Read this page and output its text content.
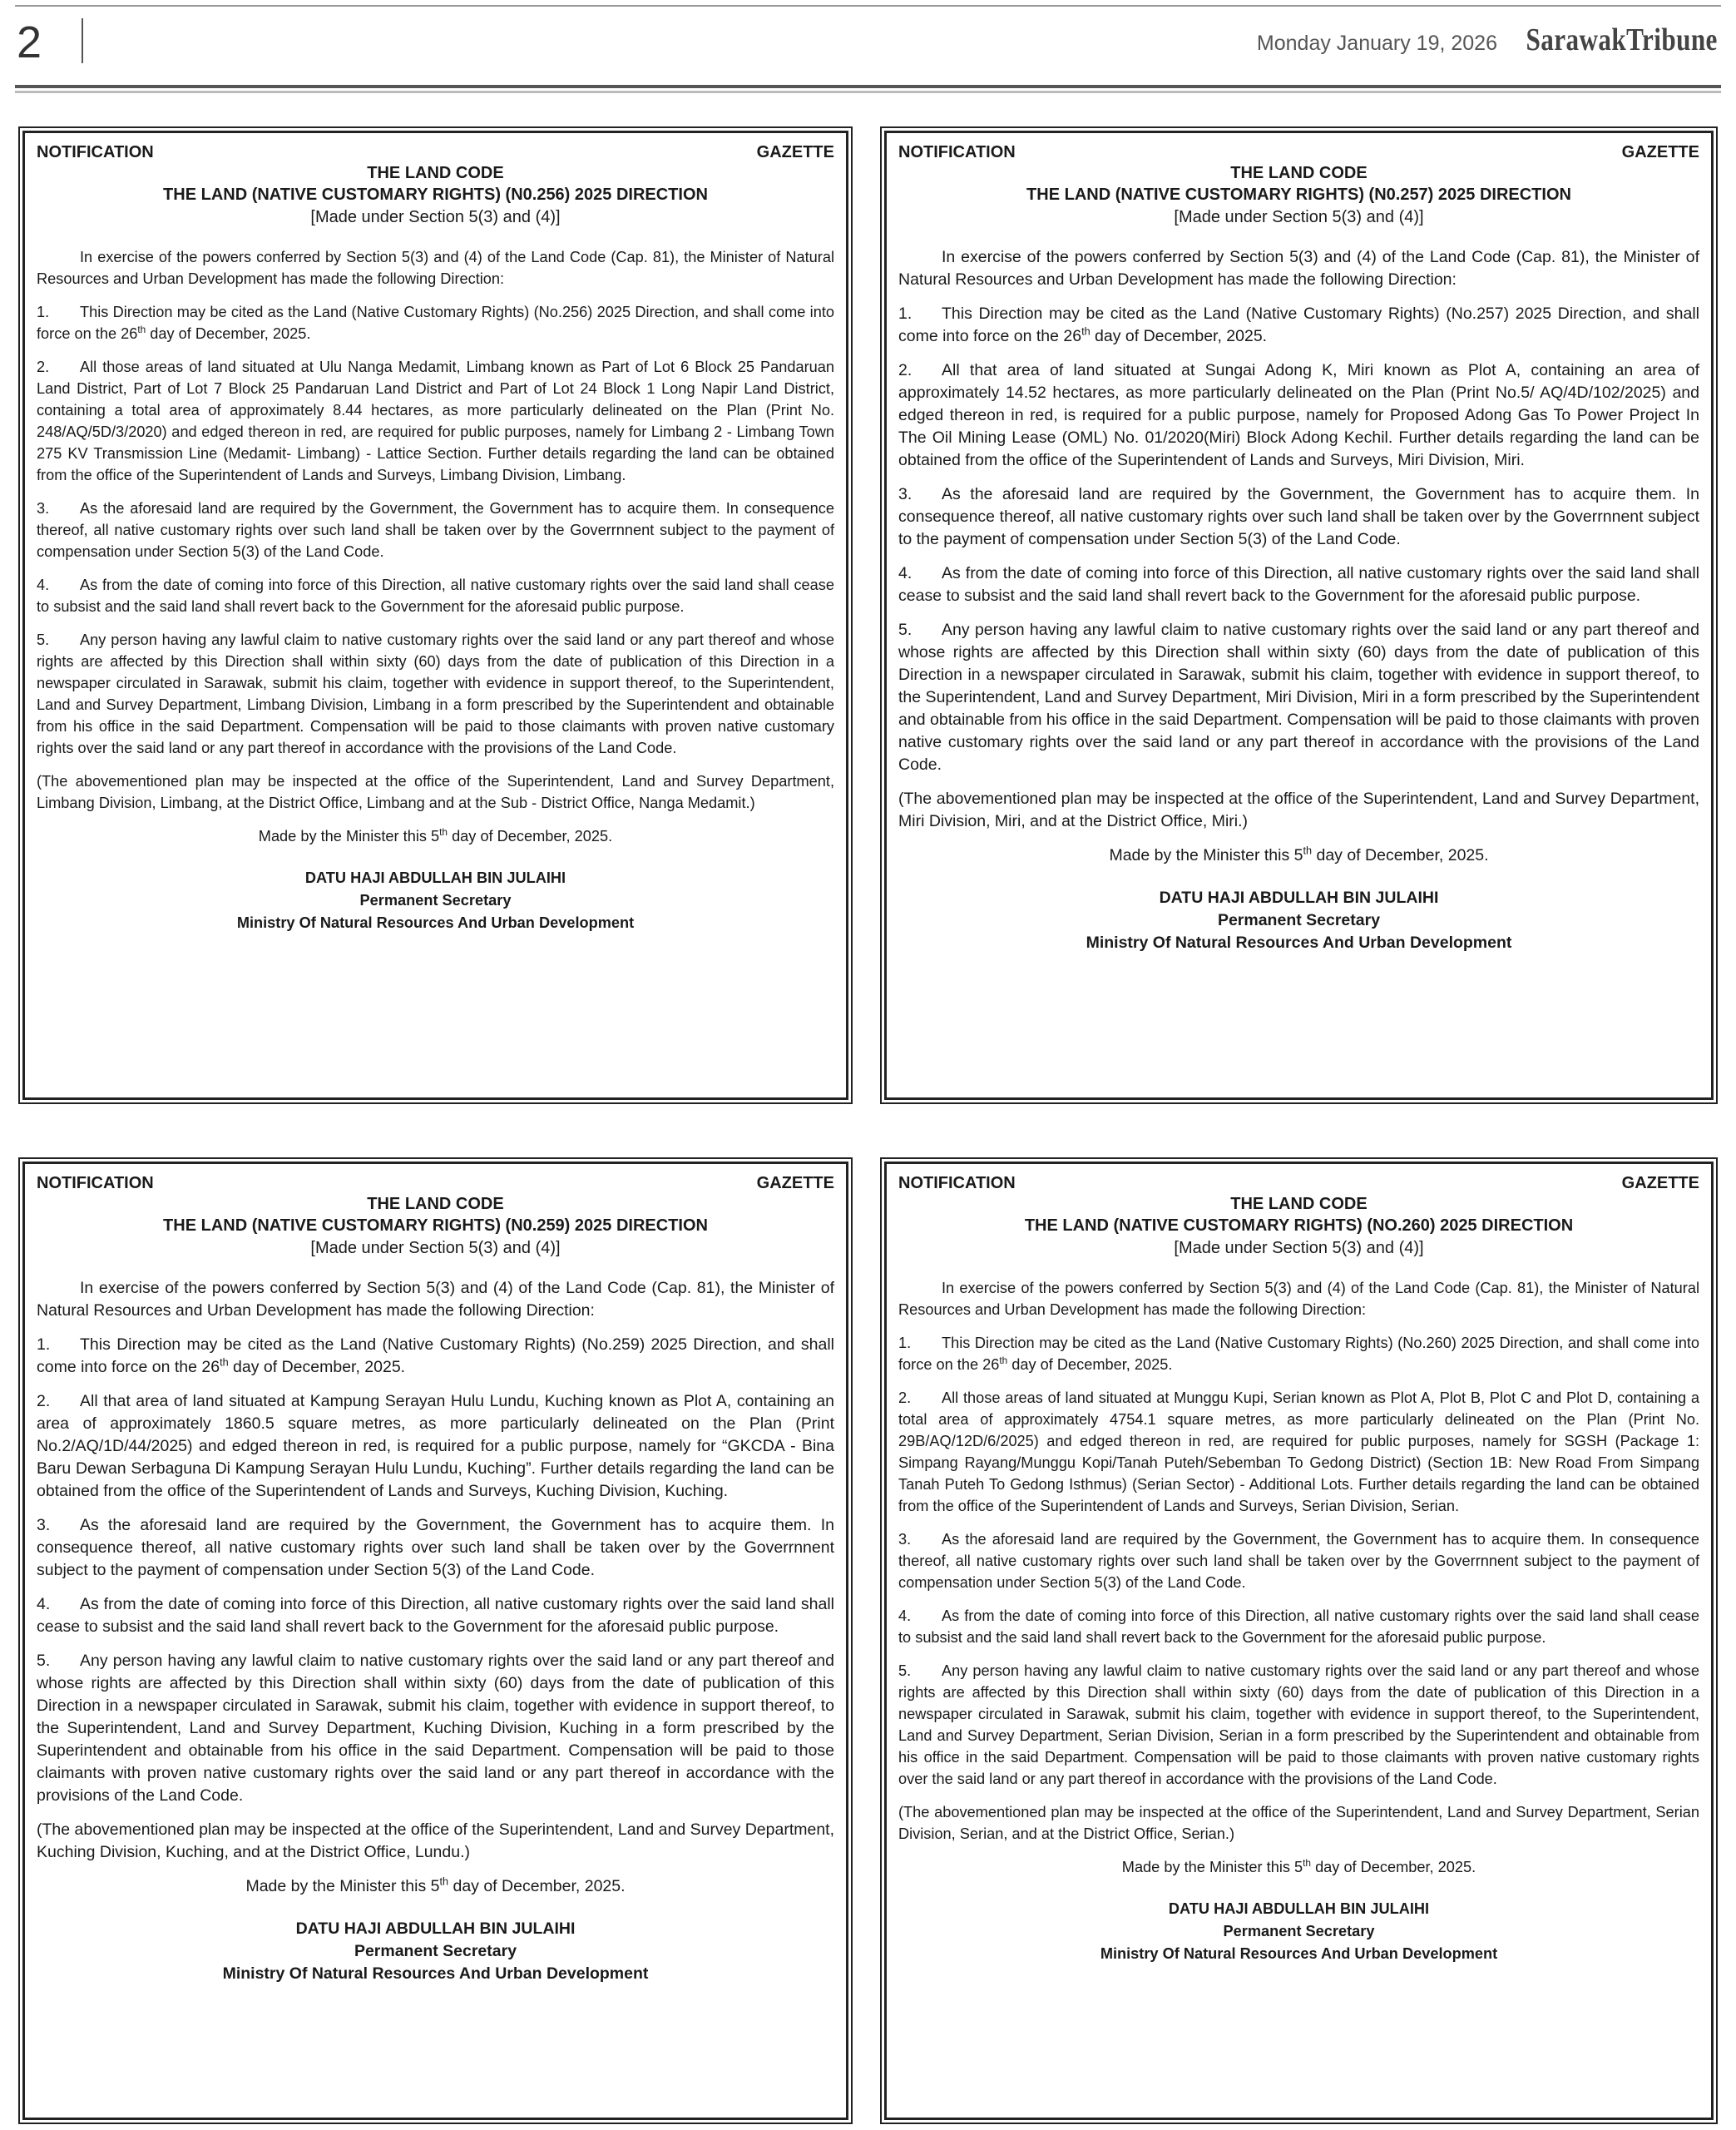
2	Monday January 19, 2026 SarawakTribune
NOTIFICATION	GAZETTE
THE LAND CODE
THE LAND (NATIVE CUSTOMARY RIGHTS) (N0.256) 2025 DIRECTION
[Made under Section 5(3) and (4)]

In exercise of the powers conferred by Section 5(3) and (4) of the Land Code (Cap. 81), the Minister of Natural Resources and Urban Development has made the following Direction:

1. This Direction may be cited as the Land (Native Customary Rights) (No.256) 2025 Direction, and shall come into force on the 26th day of December, 2025.

2. All those areas of land situated at Ulu Nanga Medamit, Limbang known as Part of Lot 6 Block 25 Pandaruan Land District, Part of Lot 7 Block 25 Pandaruan Land District and Part of Lot 24 Block 1 Long Napir Land District, containing a total area of approximately 8.44 hectares, as more particularly delineated on the Plan (Print No. 248/AQ/5D/3/2020) and edged thereon in red, are required for public purposes, namely for Limbang 2 - Limbang Town 275 KV Transmission Line (Medamit- Limbang) - Lattice Section. Further details regarding the land can be obtained from the office of the Superintendent of Lands and Surveys, Limbang Division, Limbang.

3. As the aforesaid land are required by the Government, the Government has to acquire them. In consequence thereof, all native customary rights over such land shall be taken over by the Goverrnnent subject to the payment of compensation under Section 5(3) of the Land Code.

4. As from the date of coming into force of this Direction, all native customary rights over the said land shall cease to subsist and the said land shall revert back to the Government for the aforesaid public purpose.

5. Any person having any lawful claim to native customary rights over the said land or any part thereof and whose rights are affected by this Direction shall within sixty (60) days from the date of publication of this Direction in a newspaper circulated in Sarawak, submit his claim, together with evidence in support thereof, to the Superintendent, Land and Survey Department, Limbang Division, Limbang in a form prescribed by the Superintendent and obtainable from his office in the said Department. Compensation will be paid to those claimants with proven native customary rights over the said land or any part thereof in accordance with the provisions of the Land Code.

(The abovementioned plan may be inspected at the office of the Superintendent, Land and Survey Department, Limbang Division, Limbang, at the District Office, Limbang and at the Sub - District Office, Nanga Medamit.)

Made by the Minister this 5th day of December, 2025.
DATU HAJI ABDULLAH BIN JULAIHI
Permanent Secretary
Ministry Of Natural Resources And Urban Development
NOTIFICATION	GAZETTE
THE LAND CODE
THE LAND (NATIVE CUSTOMARY RIGHTS) (N0.257) 2025 DIRECTION
[Made under Section 5(3) and (4)]

In exercise of the powers conferred by Section 5(3) and (4) of the Land Code (Cap. 81), the Minister of Natural Resources and Urban Development has made the following Direction:

1. This Direction may be cited as the Land (Native Customary Rights) (No.257) 2025 Direction, and shall come into force on the 26th day of December, 2025.

2. All that area of land situated at Sungai Adong K, Miri known as Plot A, containing an area of approximately 14.52 hectares, as more particularly delineated on the Plan (Print No.5/ AQ/4D/102/2025) and edged thereon in red, is required for a public purpose, namely for Proposed Adong Gas To Power Project In The Oil Mining Lease (OML) No. 01/2020(Miri) Block Adong Kechil. Further details regarding the land can be obtained from the office of the Superintendent of Lands and Surveys, Miri Division, Miri.

3. As the aforesaid land are required by the Government, the Government has to acquire them. In consequence thereof, all native customary rights over such land shall be taken over by the Goverrnnent subject to the payment of compensation under Section 5(3) of the Land Code.

4. As from the date of coming into force of this Direction, all native customary rights over the said land shall cease to subsist and the said land shall revert back to the Government for the aforesaid public purpose.

5. Any person having any lawful claim to native customary rights over the said land or any part thereof and whose rights are affected by this Direction shall within sixty (60) days from the date of publication of this Direction in a newspaper circulated in Sarawak, submit his claim, together with evidence in support thereof, to the Superintendent, Land and Survey Department, Miri Division, Miri in a form prescribed by the Superintendent and obtainable from his office in the said Department. Compensation will be paid to those claimants with proven native customary rights over the said land or any part thereof in accordance with the provisions of the Land Code.

(The abovementioned plan may be inspected at the office of the Superintendent, Land and Survey Department, Miri Division, Miri, and at the District Office, Miri.)

Made by the Minister this 5th day of December, 2025.
DATU HAJI ABDULLAH BIN JULAIHI
Permanent Secretary
Ministry Of Natural Resources And Urban Development
NOTIFICATION	GAZETTE
THE LAND CODE
THE LAND (NATIVE CUSTOMARY RIGHTS) (N0.259) 2025 DIRECTION
[Made under Section 5(3) and (4)]

In exercise of the powers conferred by Section 5(3) and (4) of the Land Code (Cap. 81), the Minister of Natural Resources and Urban Development has made the following Direction:

1. This Direction may be cited as the Land (Native Customary Rights) (No.259) 2025 Direction, and shall come into force on the 26th day of December, 2025.

2. All that area of land situated at Kampung Serayan Hulu Lundu, Kuching known as Plot A, containing an area of approximately 1860.5 square metres, as more particularly delineated on the Plan (Print No.2/AQ/1D/44/2025) and edged thereon in red, is required for a public purpose, namely for “GKCDA - Bina Baru Dewan Serbaguna Di Kampung Serayan Hulu Lundu, Kuching”. Further details regarding the land can be obtained from the office of the Superintendent of Lands and Surveys, Kuching Division, Kuching.

3. As the aforesaid land are required by the Government, the Government has to acquire them. In consequence thereof, all native customary rights over such land shall be taken over by the Goverrnnent subject to the payment of compensation under Section 5(3) of the Land Code.

4. As from the date of coming into force of this Direction, all native customary rights over the said land shall cease to subsist and the said land shall revert back to the Government for the aforesaid public purpose.

5. Any person having any lawful claim to native customary rights over the said land or any part thereof and whose rights are affected by this Direction shall within sixty (60) days from the date of publication of this Direction in a newspaper circulated in Sarawak, submit his claim, together with evidence in support thereof, to the Superintendent, Land and Survey Department, Kuching Division, Kuching in a form prescribed by the Superintendent and obtainable from his office in the said Department. Compensation will be paid to those claimants with proven native customary rights over the said land or any part thereof in accordance with the provisions of the Land Code.

(The abovementioned plan may be inspected at the office of the Superintendent, Land and Survey Department, Kuching Division, Kuching, and at the District Office, Lundu.)

Made by the Minister this 5th day of December, 2025.
DATU HAJI ABDULLAH BIN JULAIHI
Permanent Secretary
Ministry Of Natural Resources And Urban Development
NOTIFICATION	GAZETTE
THE LAND CODE
THE LAND (NATIVE CUSTOMARY RIGHTS) (NO.260) 2025 DIRECTION
[Made under Section 5(3) and (4)]

In exercise of the powers conferred by Section 5(3) and (4) of the Land Code (Cap. 81), the Minister of Natural Resources and Urban Development has made the following Direction:

1. This Direction may be cited as the Land (Native Customary Rights) (No.260) 2025 Direction, and shall come into force on the 26th day of December, 2025.

2. All those areas of land situated at Munggu Kupi, Serian known as Plot A, Plot B, Plot C and Plot D, containing a total area of approximately 4754.1 square metres, as more particularly delineated on the Plan (Print No. 29B/AQ/12D/6/2025) and edged thereon in red, are required for public purposes, namely for SGSH (Package 1: Simpang Rayang/Munggu Kopi/Tanah Puteh/Sebemban To Gedong District) (Section 1B: New Road From Simpang Tanah Puteh To Gedong Isthmus) (Serian Sector) - Additional Lots. Further details regarding the land can be obtained from the office of the Superintendent of Lands and Surveys, Serian Division, Serian.

3. As the aforesaid land are required by the Government, the Government has to acquire them. In consequence thereof, all native customary rights over such land shall be taken over by the Goverrnnent subject to the payment of compensation under Section 5(3) of the Land Code.

4. As from the date of coming into force of this Direction, all native customary rights over the said land shall cease to subsist and the said land shall revert back to the Government for the aforesaid public purpose.

5. Any person having any lawful claim to native customary rights over the said land or any part thereof and whose rights are affected by this Direction shall within sixty (60) days from the date of publication of this Direction in a newspaper circulated in Sarawak, submit his claim, together with evidence in support thereof, to the Superintendent, Land and Survey Department, Serian Division, Serian in a form prescribed by the Superintendent and obtainable from his office in the said Department. Compensation will be paid to those claimants with proven native customary rights over the said land or any part thereof in accordance with the provisions of the Land Code.

(The abovementioned plan may be inspected at the office of the Superintendent, Land and Survey Department, Serian Division, Serian, and at the District Office, Serian.)

Made by the Minister this 5th day of December, 2025.
DATU HAJI ABDULLAH BIN JULAIHI
Permanent Secretary
Ministry Of Natural Resources And Urban Development
